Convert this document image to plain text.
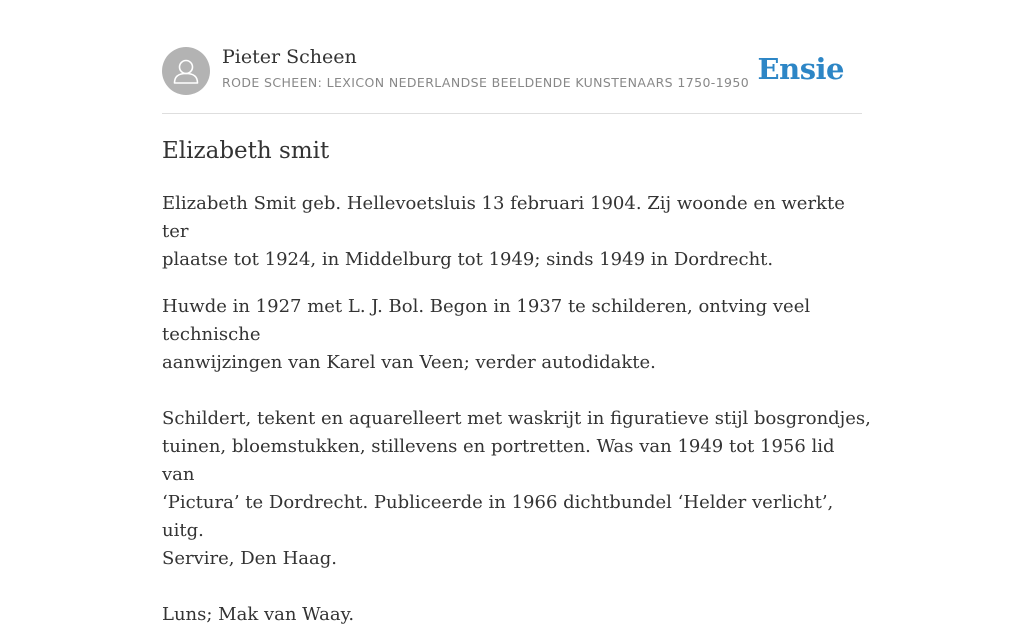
Pieter Scheen
RODE SCHEEN: LEXICON NEDERLANDSE BEELDENDE KUNSTENAARS 1750-1950 Ensie
Elizabeth smit

Elizabeth Smit geb. Hellevoetsluis 13 februari 1904. Zij woonde en werkte ter
plaatse tot 1924, in Middelburg tot 1949; sinds 1949 in Dordrecht.

Huwde in 1927 met L. J. Bol. Begon in 1937 te schilderen, ontving veel technische
aanwijzingen van Karel van Veen; verder autodidakte.

Schildert, tekent en aquarelleert met waskrijt in figuratieve stijl bosgrondjes,
tuinen, bloemstukken, stillevens en portretten. Was van 1949 tot 1956 lid van
‘Pictura’ te Dordrecht. Publiceerde in 1966 dichtbundel ‘Helder verlicht’, uitg.
Servire, Den Haag.

Luns; Mak van Waay.
